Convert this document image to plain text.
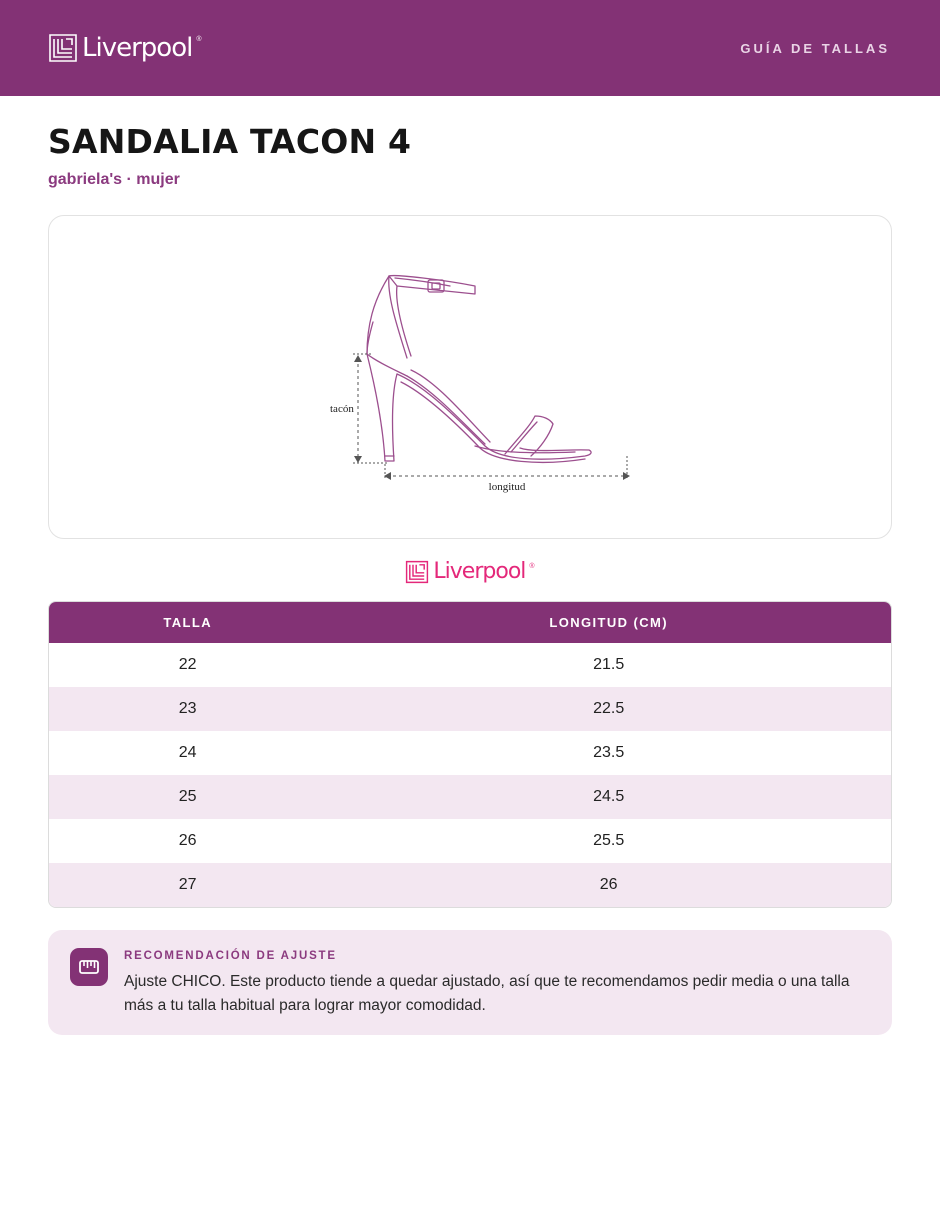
Liverpool ®
GUÍA DE TALLAS
SANDALIA TACON 4
gabriela's · mujer
tacón
longitud
Liverpool ®
TALLA	LONGITUD (CM)
22	21.5
23	22.5
24	23.5
25	24.5
26	25.5
27	26
RECOMENDACIÓN DE AJUSTE
Ajuste CHICO. Este producto tiende a quedar ajustado, así que te recomendamos pedir media o una talla más a tu talla habitual para lograr mayor comodidad.
